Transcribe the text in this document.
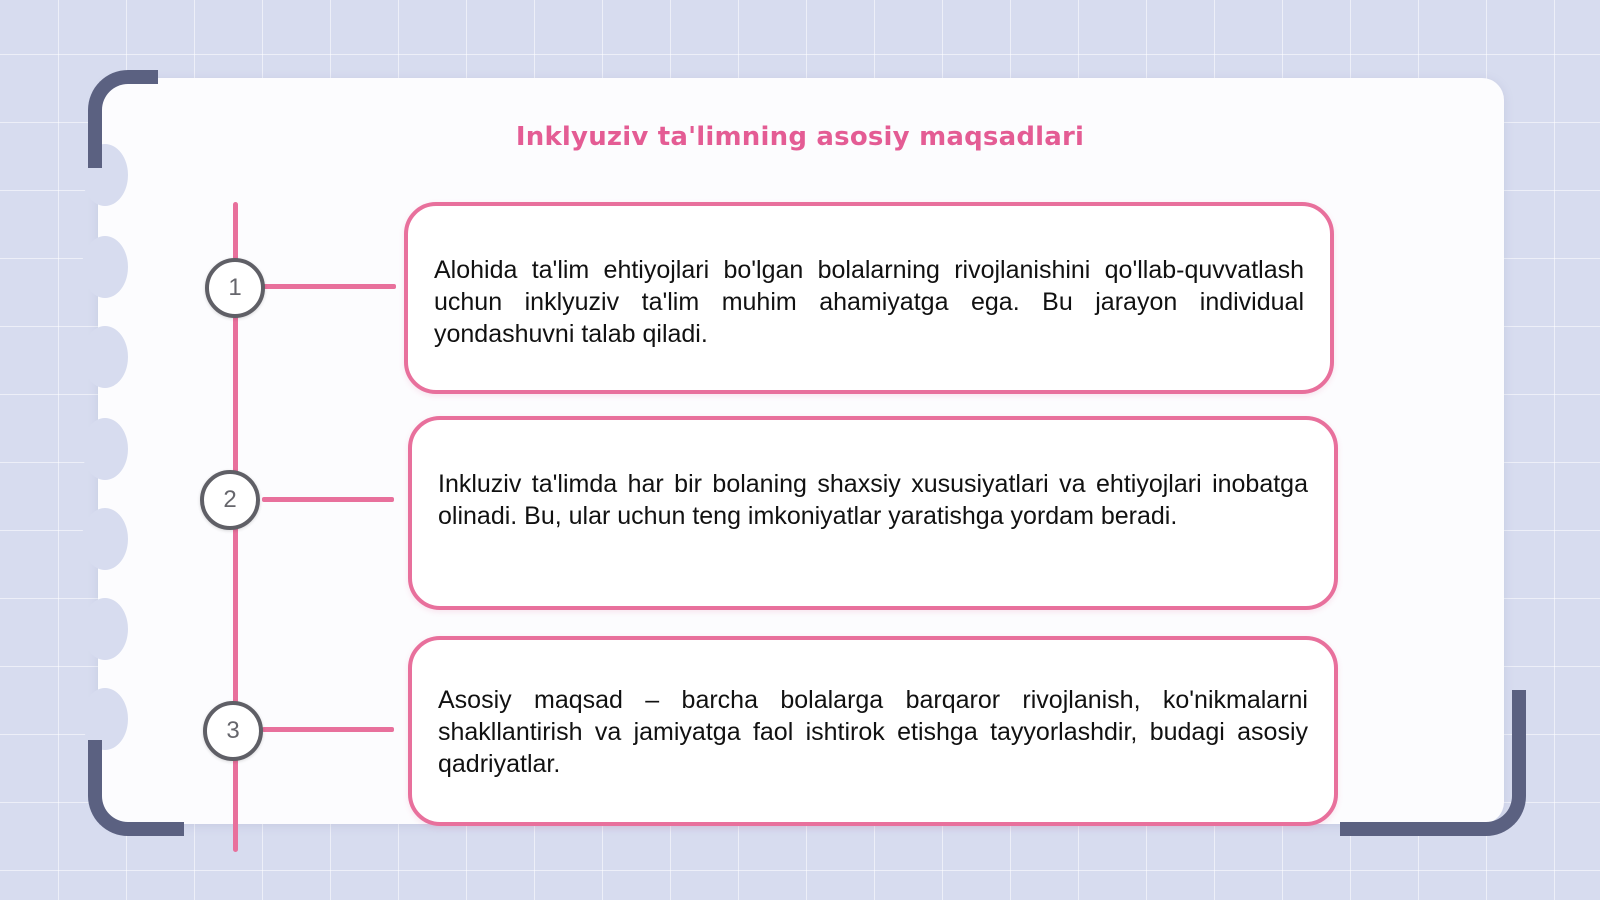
Inklyuziv ta'limning asosiy maqsadlari
1
Alohida ta'lim ehtiyojlari bo'lgan bolalarning rivojlanishini qo'llab-quvvatlash uchun inklyuziv ta'lim muhim ahamiyatga ega. Bu jarayon individual yondashuvni talab qiladi.
2
Inkluziv ta'limda har bir bolaning shaxsiy xususiyatlari va ehtiyojlari inobatga olinadi. Bu, ular uchun teng imkoniyatlar yaratishga yordam beradi.
3
Asosiy maqsad – barcha bolalarga barqaror rivojlanish, ko'nikmalarni shakllantirish va jamiyatga faol ishtirok etishga tayyorlashdir, budagi asosiy qadriyatlar.
